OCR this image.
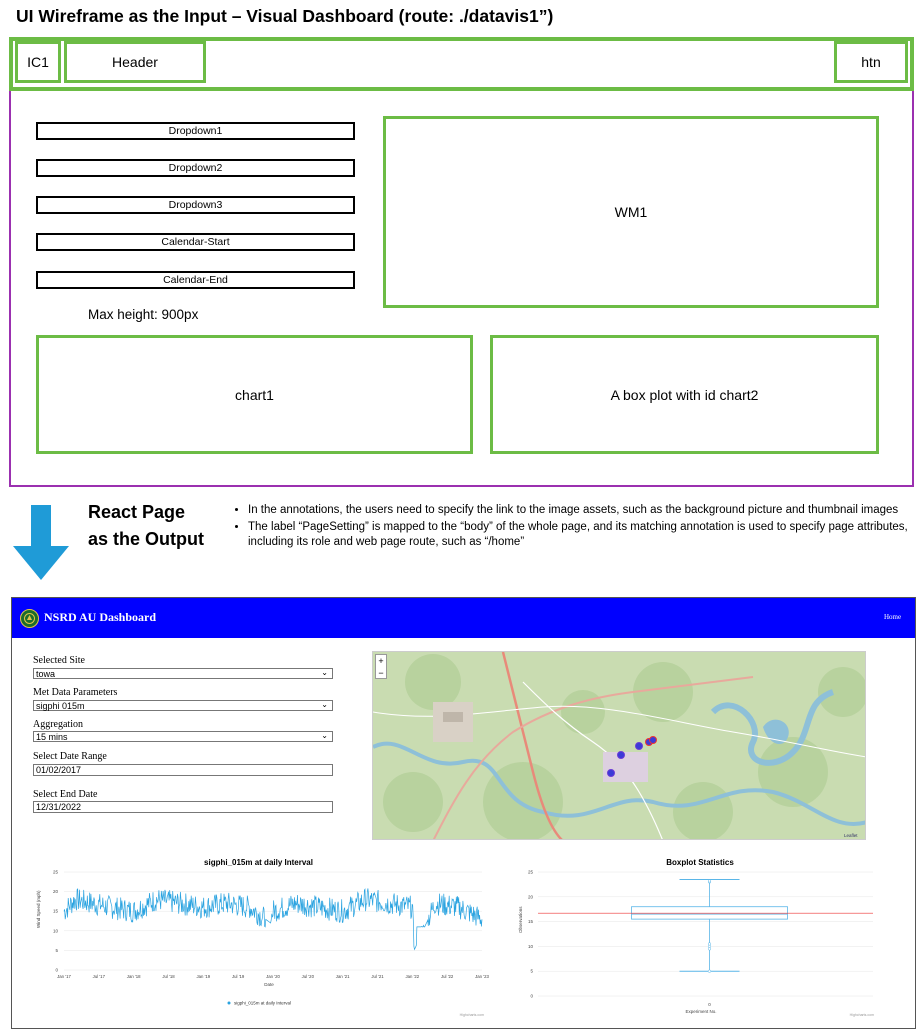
UI Wireframe as the Input – Visual Dashboard (route: ./datavis1”)
IC1	Header	htn
Dropdown1
Dropdown2
Dropdown3
Calendar-Start
Calendar-End
Max height: 900px
WM1
chart1	A box plot with id chart2
React Page as the Output
• In the annotations, the users need to specify the link to the image assets, such as the background picture and thumbnail images
• The label “PageSetting” is mapped to the “body” of the whole page, and its matching annotation is used to specify page attributes, including its role and web page route, such as “/home”
NSRD AU Dashboard	Home
Selected Site
towa	⌄
Met Data Parameters
sigphi 015m	⌄
Aggregation
15 mins	⌄
Select Date Range
01/02/2017
Select End Date
12/31/2022
+
−
Leaflet
sigphi_015m at daily Interval
0
5
10
15
20
25
Jan '17	Jul '17	Jan '18	Jul '18	Jan '19	Jul '19	Jan '20	Jul '20	Jan '21	Jul '21	Jan '22	Jul '22	Jan '23
Wind Speed (mph)
Date
sigphi_015m at daily Interval
Highcharts.com
Boxplot Statistics
0
5
10
15
20
25
0
Observations
Experiment No.
Highcharts.com
